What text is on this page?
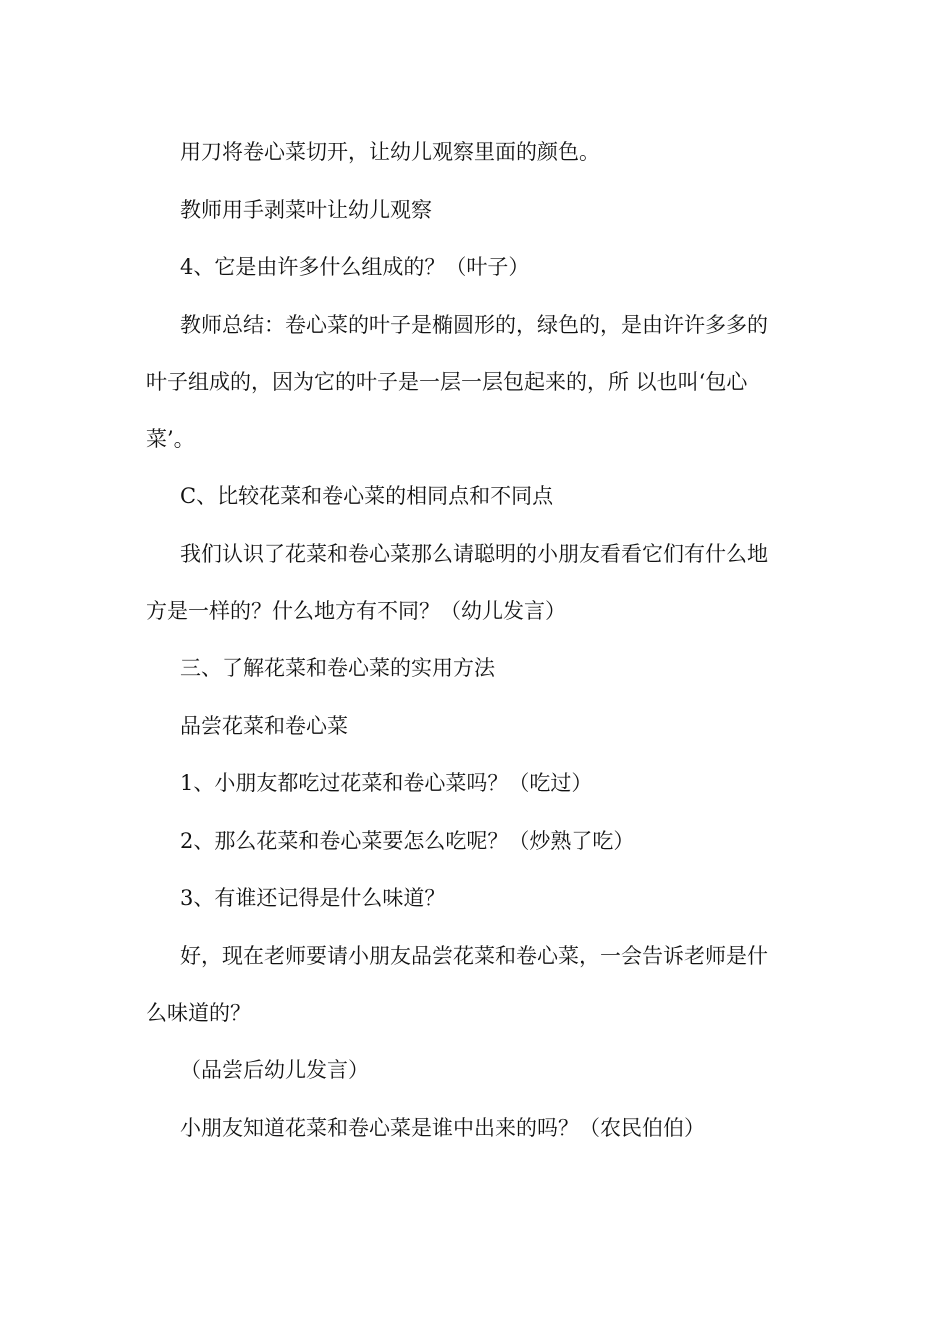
用刀将卷心菜切开，让幼儿观察里面的颜色。

教师用手剥菜叶让幼儿观察

4、它是由许多什么组成的？（叶子）

教师总结：卷心菜的叶子是椭圆形的，绿色的，是由许许多多的
叶子组成的，因为它的叶子是一层一层包起来的，所 以也叫‘包心
菜’。

C、比较花菜和卷心菜的相同点和不同点

我们认识了花菜和卷心菜那么请聪明的小朋友看看它们有什么地
方是一样的？什么地方有不同？（幼儿发言）

三、了解花菜和卷心菜的实用方法

品尝花菜和卷心菜

1、小朋友都吃过花菜和卷心菜吗？（吃过）

2、那么花菜和卷心菜要怎么吃呢？（炒熟了吃）

3、有谁还记得是什么味道？

好，现在老师要请小朋友品尝花菜和卷心菜，一会告诉老师是什
么味道的？

（品尝后幼儿发言）

小朋友知道花菜和卷心菜是谁中出来的吗？（农民伯伯）
